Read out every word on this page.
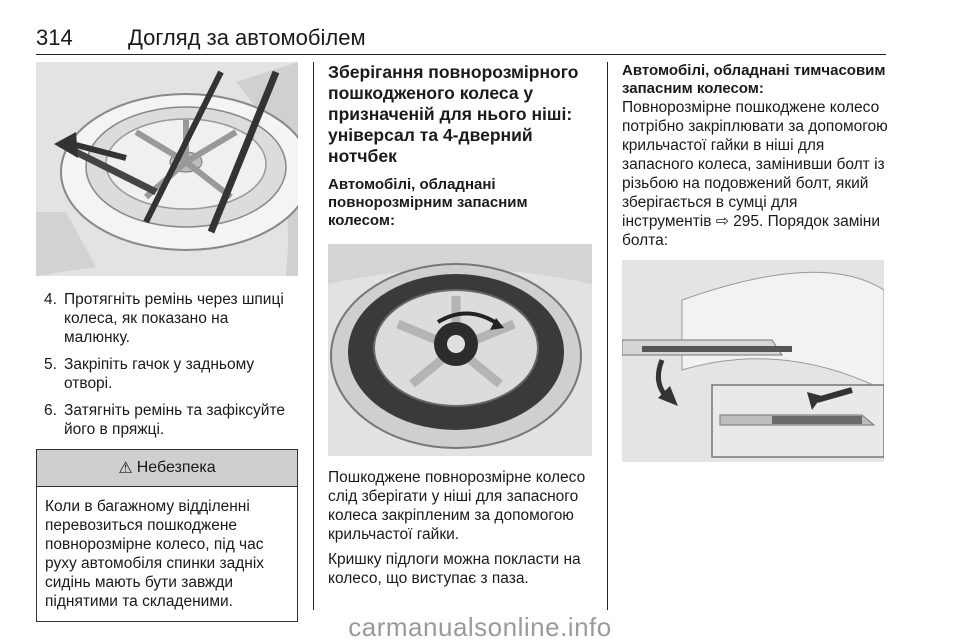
314	Догляд за автомобілем
4. Протягніть ремінь через шпиці колеса, як показано на малюнку.
5. Закріпіть гачок у задньому отворі.
6. Затягніть ремінь та зафіксуйте його в пряжці.
⚠ Небезпека
Коли в багажному відділенні перевозиться пошкоджене повнорозмірне колесо, під час руху автомобіля спинки задніх сидінь мають бути завжди піднятими та складеними.
Зберігання повнорозмірного пошкодженого колеса у призначеній для нього ніші: універсал та 4-дверний нотчбек
Автомобілі, обладнані повнорозмірним запасним колесом:

Пошкоджене повнорозмірне колесо слід зберігати у ніші для запасного колеса закріпленим за допомогою крильчастої гайки.

Кришку підлоги можна покласти на колесо, що виступає з паза.

Автомобілі, обладнані тимчасовим запасним колесом:

Повнорозмірне пошкоджене колесо потрібно закріплювати за допомогою крильчастої гайки в ніші для запасного колеса, замінивши болт із різьбою на подовжений болт, який зберігається в сумці для інструментів ⇨ 295. Порядок заміни болта:

carmanualsonline.info
